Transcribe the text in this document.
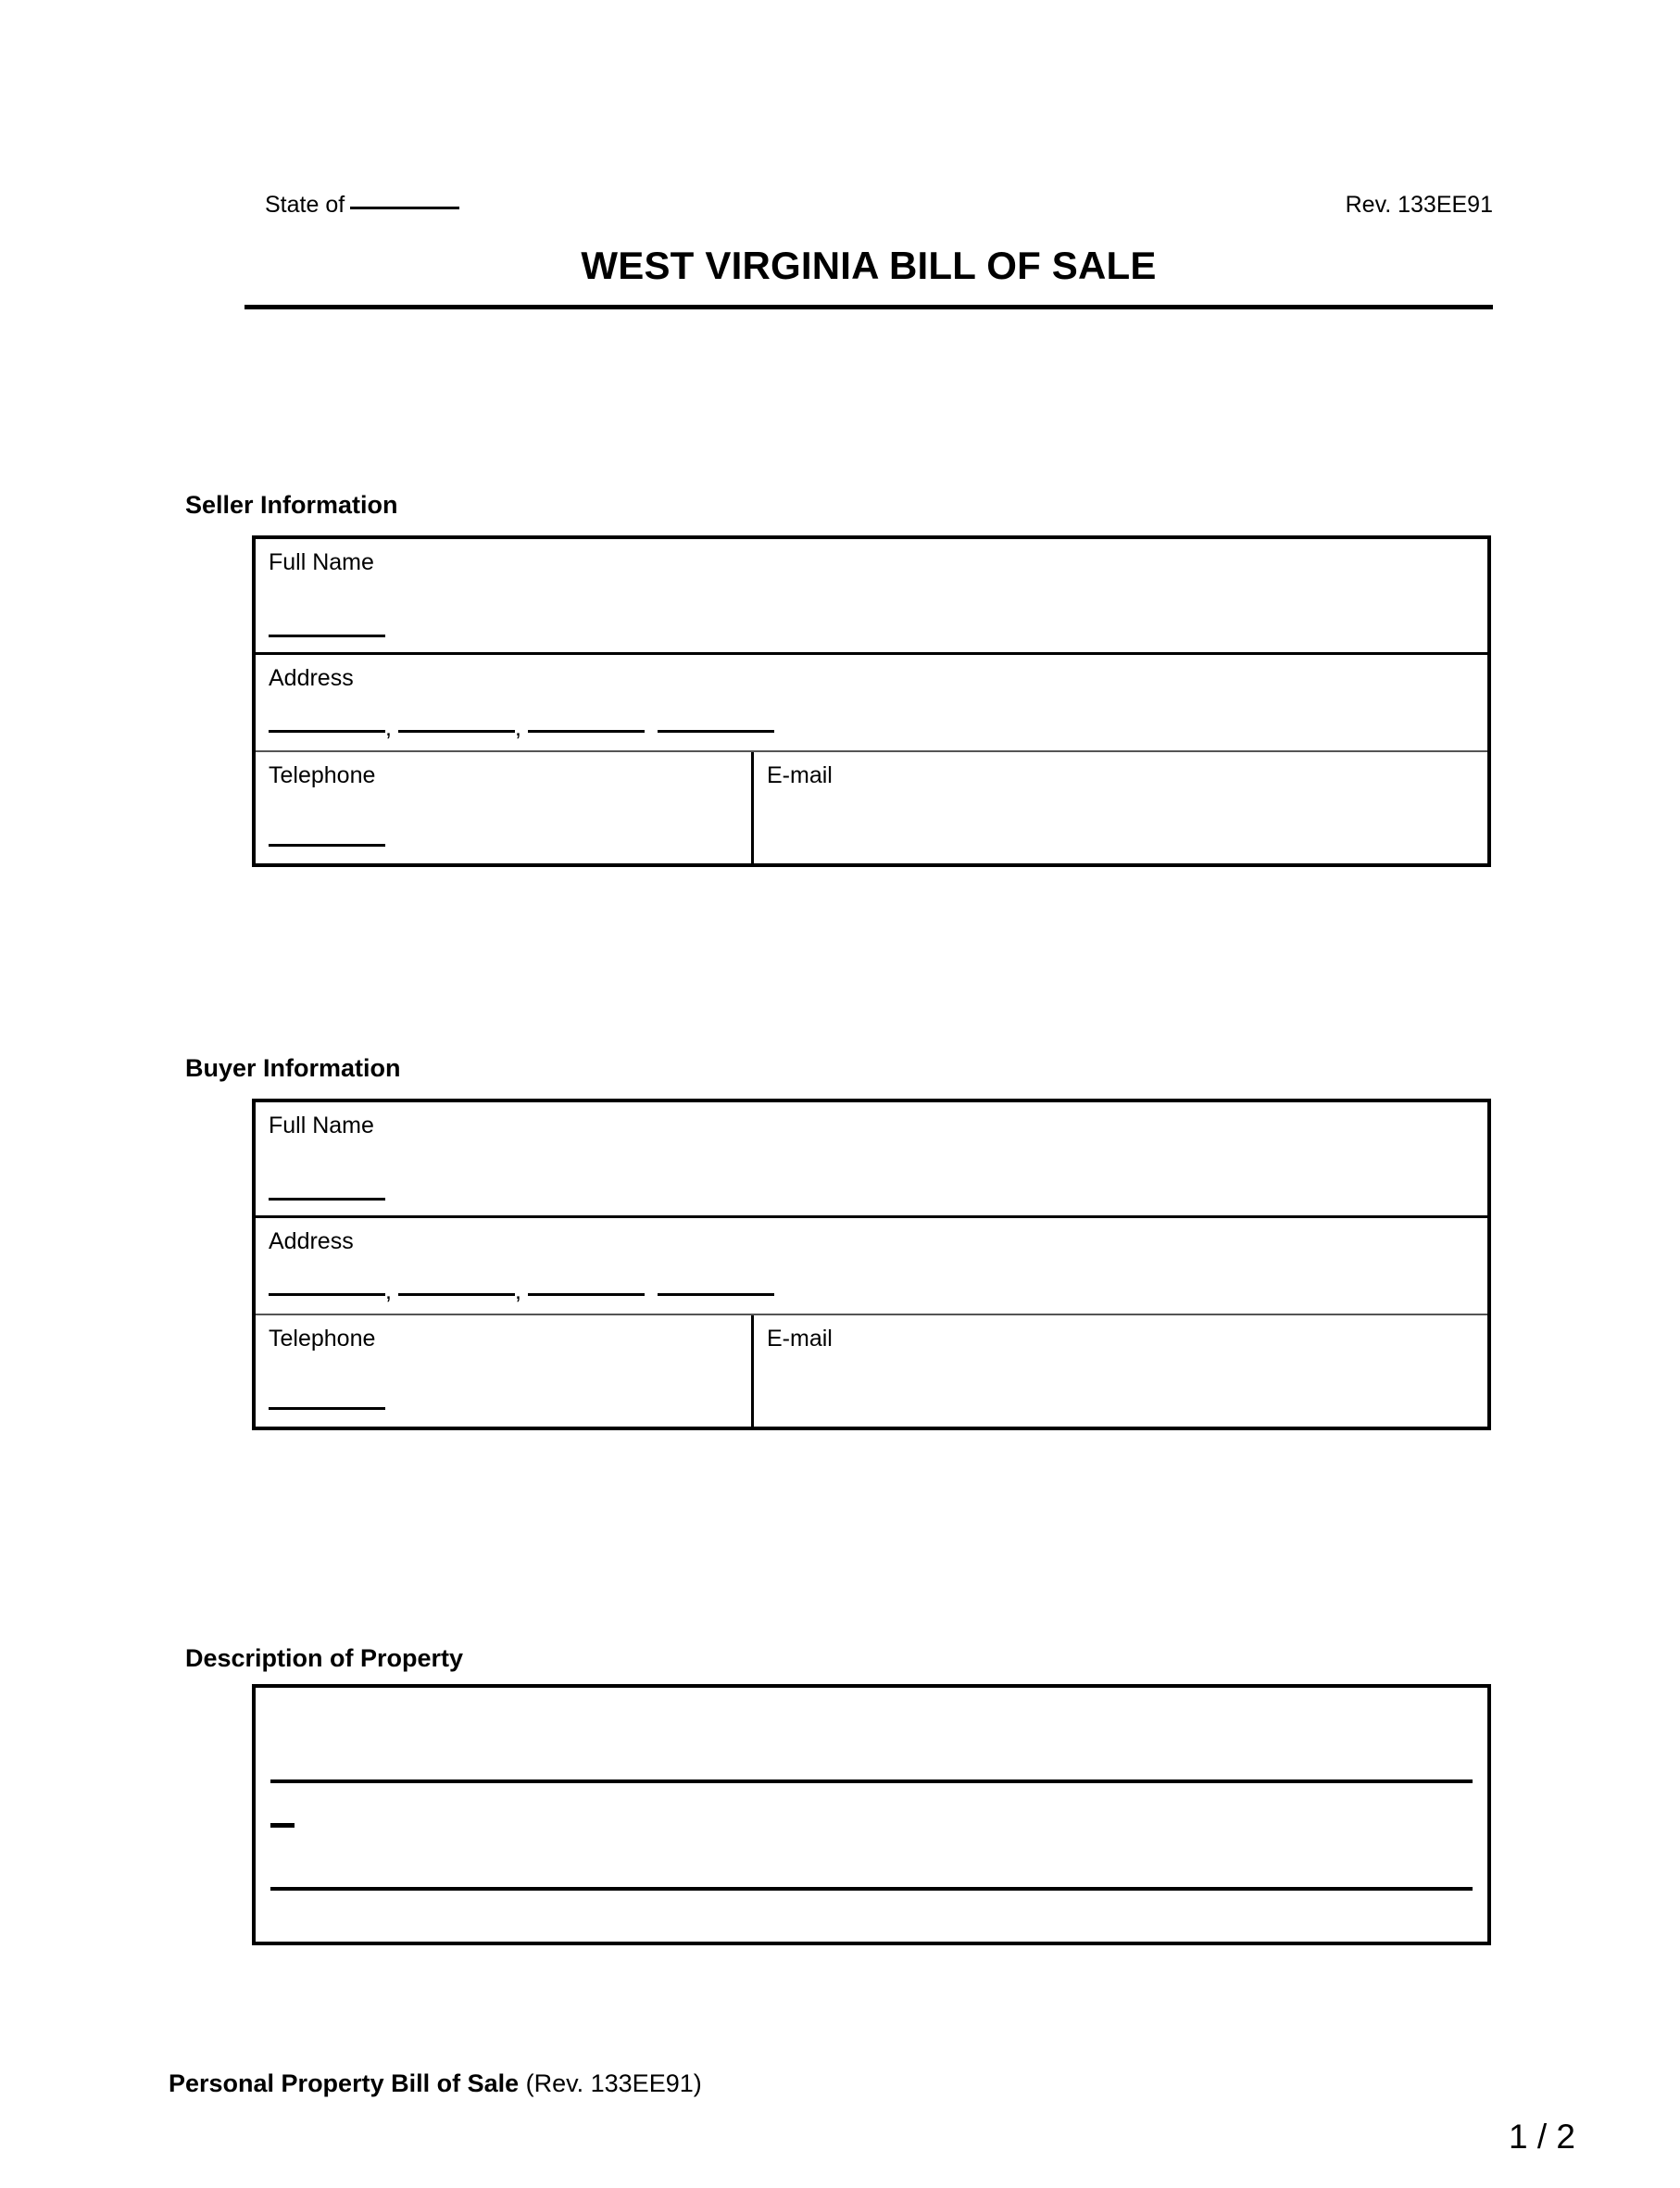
State of	Rev. 133EE91
WEST VIRGINIA BILL OF SALE
Seller Information
Full Name
Address
,	,
Telephone	E-mail
Buyer Information
Full Name
Address
,	,
Telephone	E-mail
Description of Property
Personal Property Bill of Sale (Rev. 133EE91)
1 / 2
